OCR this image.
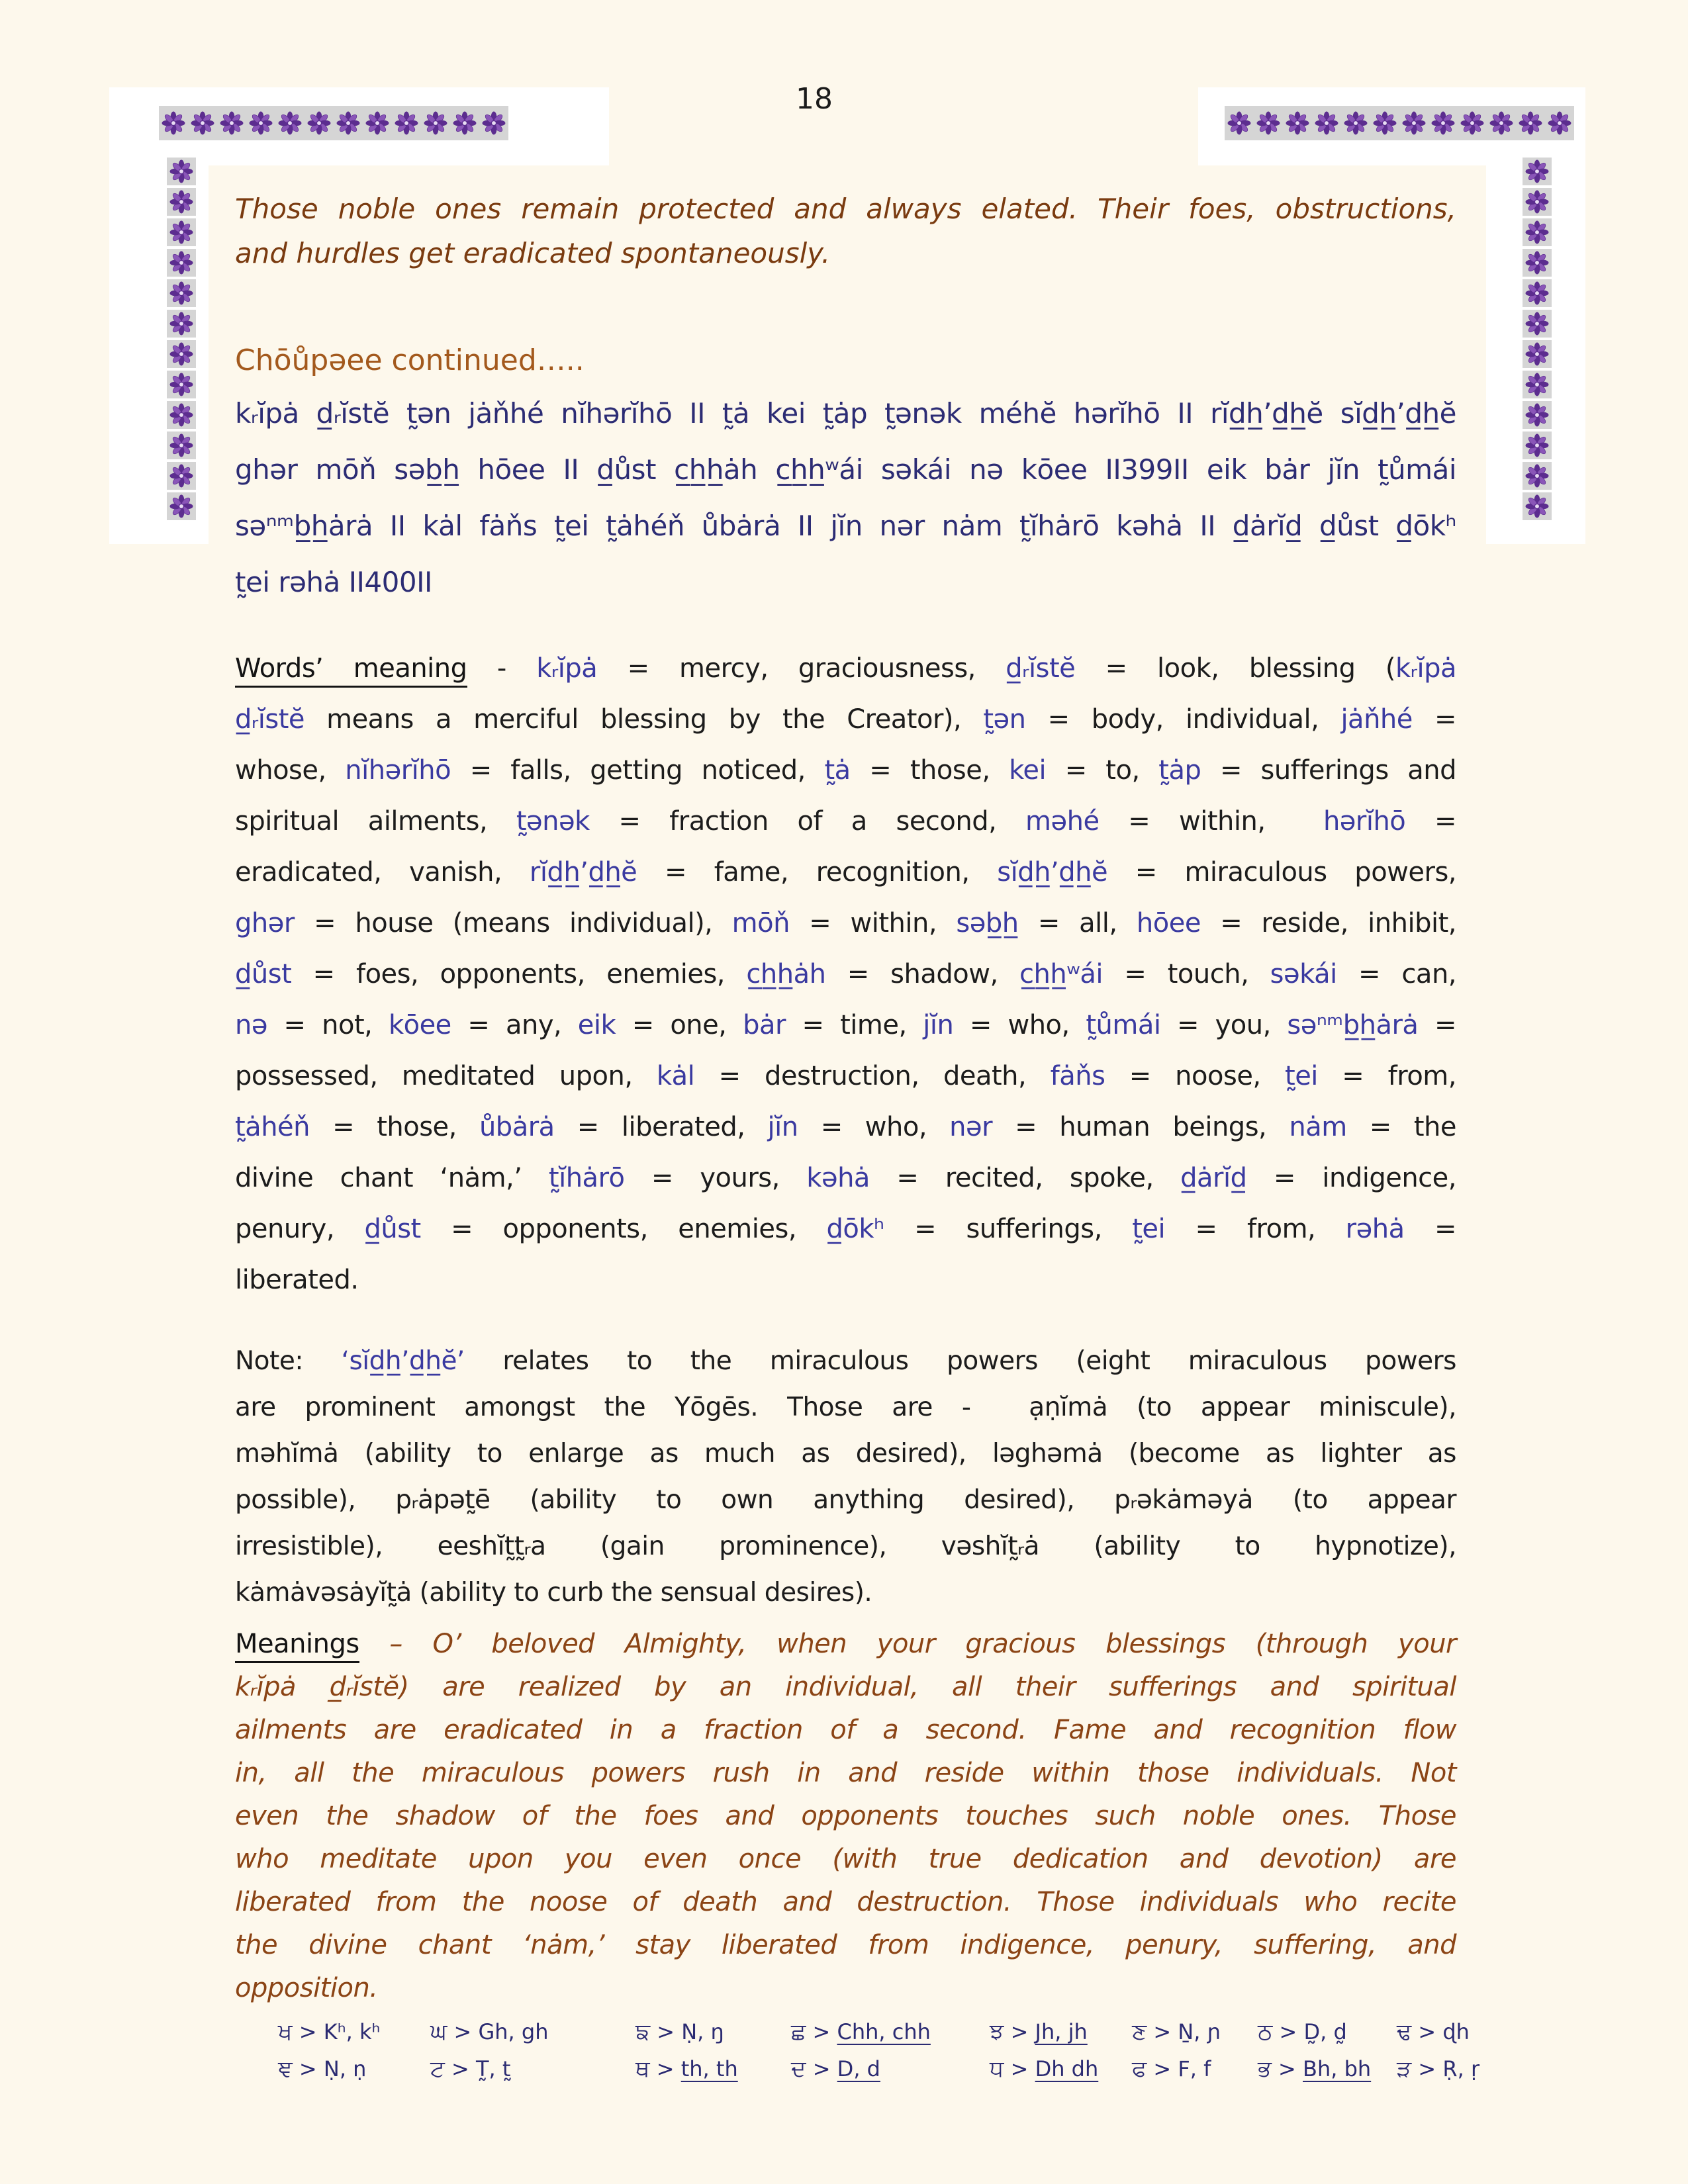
18
Those noble ones remain protected and always elated. Their foes, obstructions,
and hurdles get eradicated spontaneously.
Chōůpəee continued…..
kᵣĭpȧ d̲ᵣĭstĕ t̰ən jȧňhé nĭhərĭhō II t̰ȧ kei t̰ȧp t̰ənək méhĕ hərĭhō II rĭd̲h̲’d̲h̲ĕ sĭd̲h̲’d̲h̲ĕ
ghər mōň səb̲h̲ hōee II d̲ůst c̲h̲h̲ȧh c̲h̲h̲ʷái səkái nə kōee II399II eik bȧr jĭn t̰ůmái
səⁿᵐb̲h̲ȧrȧ II kȧl fȧňs t̰ei t̰ȧhéň ůbȧrȧ II jĭn nər nȧm t̰ĭhȧrō kəhȧ II d̲ȧrĭd̲ d̲ůst d̲ōkʰ
t̰ei rəhȧ II400II
Words’ meaning - kᵣĭpȧ = mercy, graciousness, d̲ᵣĭstĕ = look, blessing (kᵣĭpȧ
d̲ᵣĭstĕ means a merciful blessing by the Creator), t̰ən = body, individual, jȧňhé =
whose, nĭhərĭhō = falls, getting noticed, t̰ȧ = those, kei = to, t̰ȧp = sufferings and
spiritual ailments, t̰ənək = fraction of a second, məhé = within,  hərĭhō =
eradicated, vanish, rĭd̲h̲’d̲h̲ĕ = fame, recognition, sĭd̲h̲’d̲h̲ĕ = miraculous powers,
ghər = house (means individual), mōň = within, səb̲h̲ = all, hōee = reside, inhibit,
d̲ůst = foes, opponents, enemies, c̲h̲h̲ȧh = shadow, c̲h̲h̲ʷái = touch, səkái = can,
nə = not, kōee = any, eik = one, bȧr = time, jĭn = who, t̰ůmái = you, səⁿᵐb̲h̲ȧrȧ =
possessed, meditated upon, kȧl = destruction, death, fȧňs = noose, t̰ei = from,
t̰ȧhéň = those, ůbȧrȧ = liberated, jĭn = who, nər = human beings, nȧm = the
divine chant ‘nȧm,’ t̰ĭhȧrō = yours, kəhȧ = recited, spoke, d̲ȧrĭd̲ = indigence,
penury, d̲ůst = opponents, enemies, d̲ōkʰ = sufferings, t̰ei = from, rəhȧ =
liberated.
Note: ‘sĭd̲h̲’d̲h̲ĕ’ relates to the miraculous powers (eight miraculous powers
are prominent amongst the Yōgēs. Those are -  ạṇĭmȧ (to appear miniscule),
məhĭmȧ (ability to enlarge as much as desired), ləghəmȧ (become as lighter as
possible), pᵣȧpət̰ē (ability to own anything desired), pᵣəkȧməyȧ (to appear
irresistible), eeshĭt̰t̰ᵣa (gain prominence), vəshĭt̰ᵣȧ (ability to hypnotize),
kȧmȧvəsȧyĭt̰ȧ (ability to curb the sensual desires).
Meanings – O’ beloved Almighty, when your gracious blessings (through your
kᵣĭpȧ d̲ᵣĭstĕ) are realized by an individual, all their sufferings and spiritual
ailments are eradicated in a fraction of a second. Fame and recognition flow
in, all the miraculous powers rush in and reside within those individuals. Not
even the shadow of the foes and opponents touches such noble ones. Those
who meditate upon you even once (with true dedication and devotion) are
liberated from the noose of death and destruction. Those individuals who recite
the divine chant ‘nȧm,’ stay liberated from indigence, penury, suffering, and
opposition.
ਖ > Kʰ, kʰ	ਘ > Gh, gh	ਙ > Ṇ, ŋ	ਛ > Chh, chh	ਝ > Jh, jh	ਣ > Ṉ, ɲ	ਠ > D̰, d̰	ਢ > ɖh
ਞ > Ṇ, ṇ	ਟ > T̰, t̰	ਥ > th, th	ਦ > D, d	ਧ > Dh dh	ਫ > F, f	ਭ > Bh, bh	ੜ > Ṛ, ṛ
